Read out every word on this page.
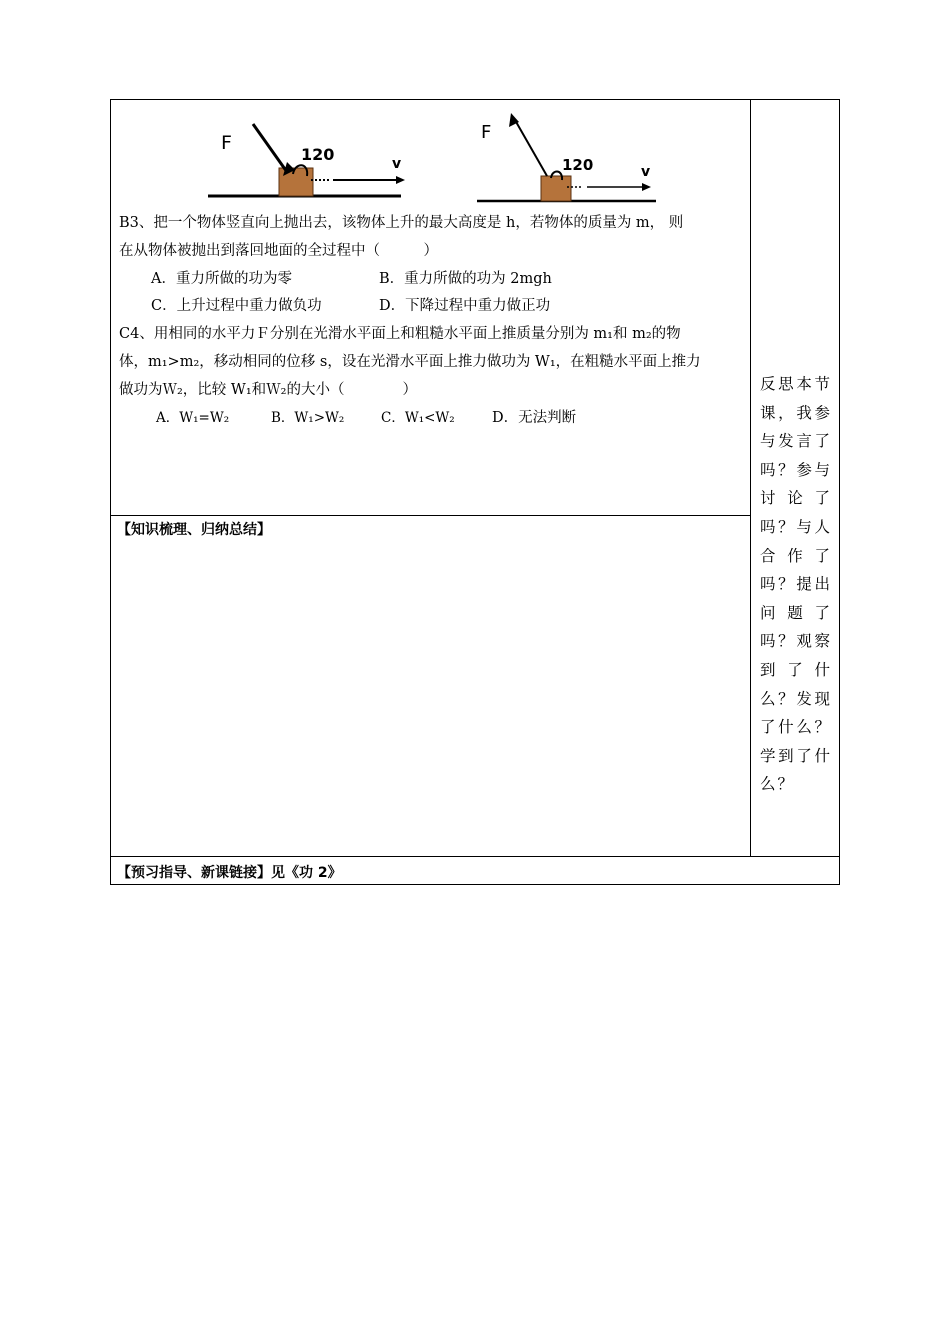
F
120	v
F
120	v
B3、把一个物体竖直向上抛出去，该物体上升的最大高度是 h，若物体的质量为 m， 则
在从物体被抛出到落回地面的全过程中（　　　）
A．重力所做的功为零	B．重力所做的功为 2mgh
C．上升过程中重力做负功	D．下降过程中重力做正功
C4、用相同的水平力Ｆ分别在光滑水平面上和粗糙水平面上推质量分别为 m₁和 m₂的物
体，m₁>m₂，移动相同的位移 s，设在光滑水平面上推力做功为 W₁，在粗糙水平面上推力
做功为Ｗ₂，比较 W₁和Ｗ₂的大小（　　　　）
A．W₁=W₂	B．W₁>W₂	C．W₁<W₂	D．无法判断
【知识梳理、归纳总结】
反思本节课，我参与发言了吗？参与讨论了吗？与人合作了吗？提出问题了吗？观察到了什么？发现了什么？学到了什么？
【预习指导、新课链接】见《功 2》
